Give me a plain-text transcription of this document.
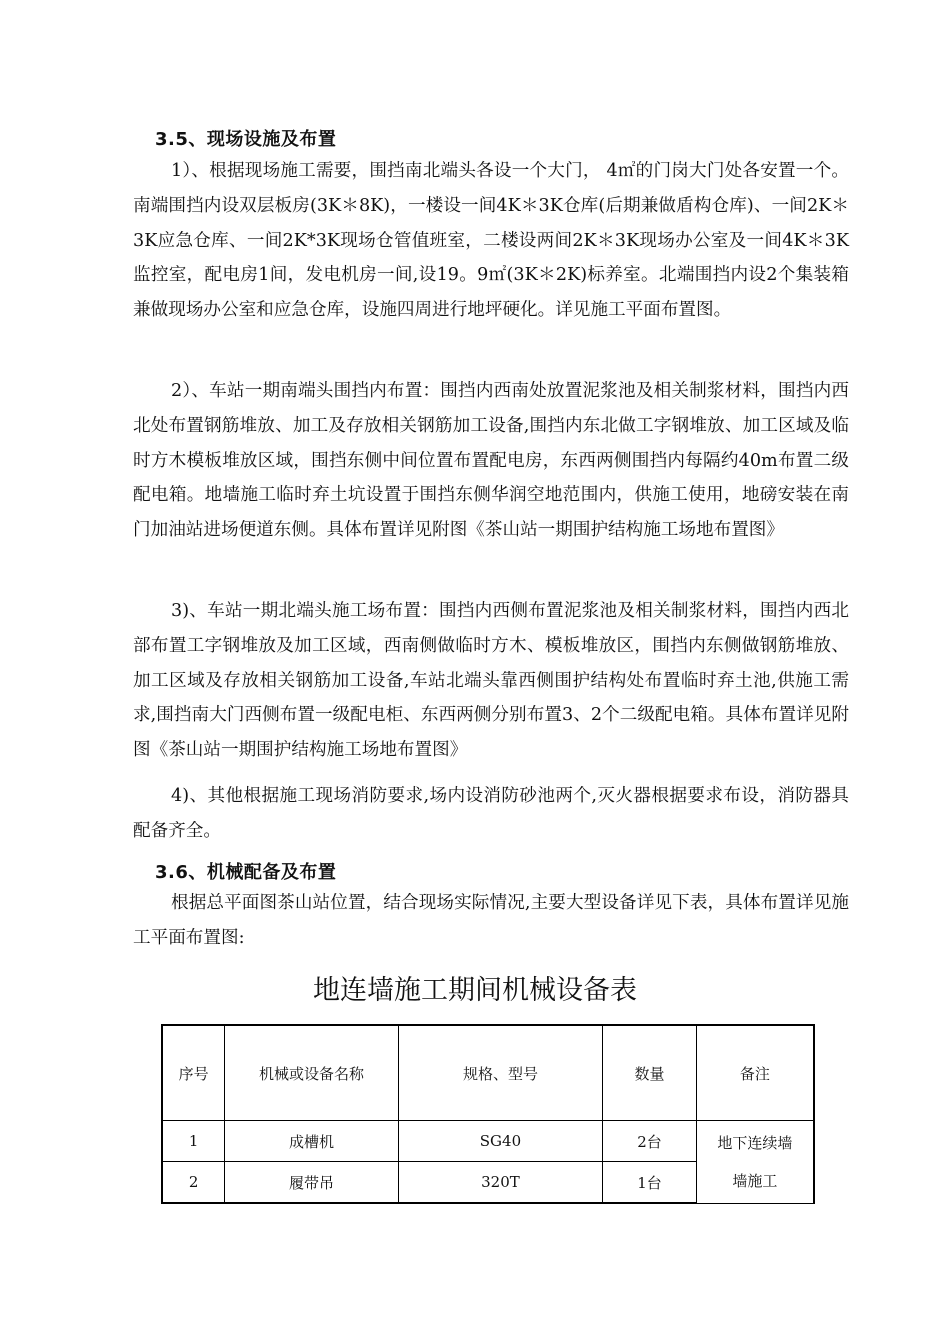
3.5、现场设施及布置

1）、根据现场施工需要，围挡南北端头各设一个大门， 4㎡的门岗大门处各安置一个。南端围挡内设双层板房(3K＊8K)，一楼设一间4K＊3K仓库(后期兼做盾构仓库)、一间2K＊3K应急仓库、一间2K*3K现场仓管值班室，二楼设两间2K＊3K现场办公室及一间4K＊3K监控室，配电房1间，发电机房一间,设19。9㎡(3K＊2K)标养室。北端围挡内设2个集装箱兼做现场办公室和应急仓库，设施四周进行地坪硬化。详见施工平面布置图。

2）、车站一期南端头围挡内布置：围挡内西南处放置泥浆池及相关制浆材料，围挡内西北处布置钢筋堆放、加工及存放相关钢筋加工设备,围挡内东北做工字钢堆放、加工区域及临时方木模板堆放区域，围挡东侧中间位置布置配电房，东西两侧围挡内每隔约40m布置二级配电箱。地墙施工临时弃土坑设置于围挡东侧华润空地范围内，供施工使用，地磅安装在南门加油站进场便道东侧。具体布置详见附图《茶山站一期围护结构施工场地布置图》

3)、车站一期北端头施工场布置：围挡内西侧布置泥浆池及相关制浆材料，围挡内西北部布置工字钢堆放及加工区域，西南侧做临时方木、模板堆放区，围挡内东侧做钢筋堆放、加工区域及存放相关钢筋加工设备,车站北端头靠西侧围护结构处布置临时弃土池,供施工需求,围挡南大门西侧布置一级配电柜、东西两侧分别布置3、2个二级配电箱。具体布置详见附图《茶山站一期围护结构施工场地布置图》

4)、其他根据施工现场消防要求,场内设消防砂池两个,灭火器根据要求布设，消防器具配备齐全。

3.6、机械配备及布置

根据总平面图茶山站位置，结合现场实际情况,主要大型设备详见下表，具体布置详见施工平面布置图:

地连墙施工期间机械设备表
序号	机械或设备名称	规格、型号	数量	备注
1	成槽机	SG40	2台	地下连续墙
墙施工

2	履带吊	320T	1台	
